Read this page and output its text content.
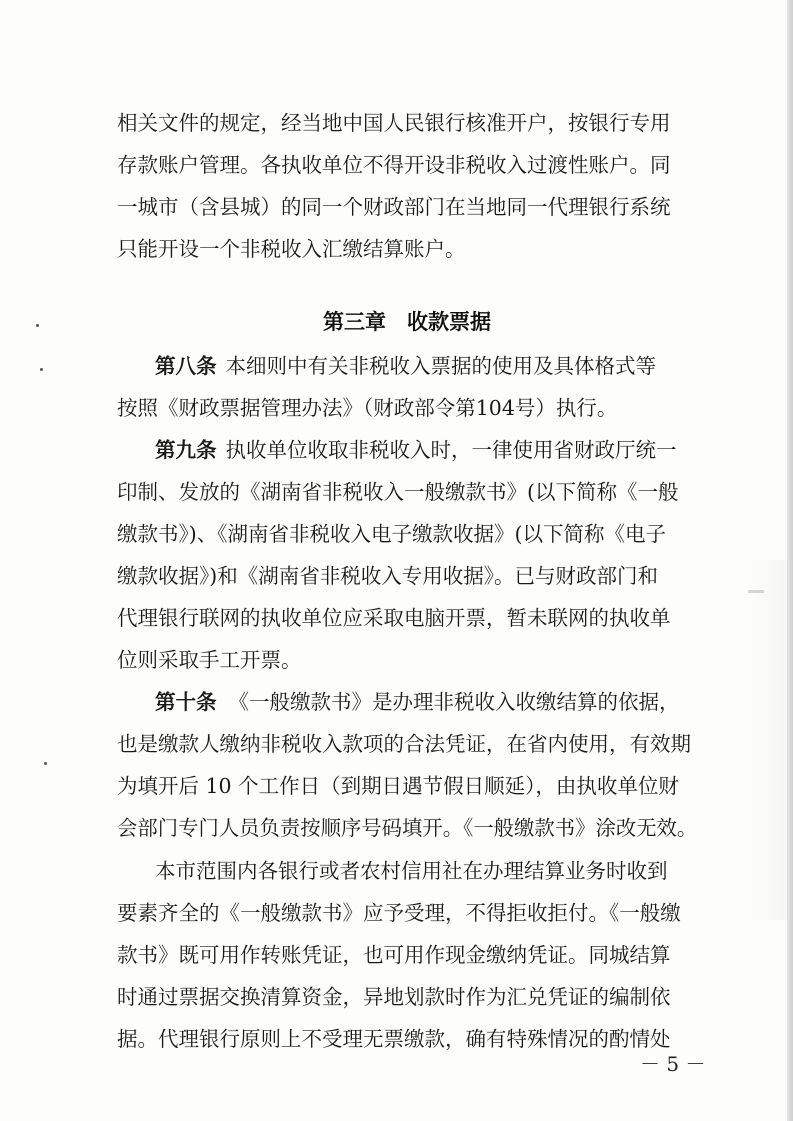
相关文件的规定，经当地中国人民银行核准开户，按银行专用
存款账户管理。各执收单位不得开设非税收入过渡性账户。同
一城市（含县城）的同一个财政部门在当地同一代理银行系统
只能开设一个非税收入汇缴结算账户。
第三章　收款票据
第八条 本细则中有关非税收入票据的使用及具体格式等
按照《财政票据管理办法》（财政部令第104号）执行。
第九条 执收单位收取非税收入时，一律使用省财政厅统一
印制、发放的《湖南省非税收入一般缴款书》(以下简称《一般
缴款书》)、《湖南省非税收入电子缴款收据》(以下简称《电子
缴款收据》)和《湖南省非税收入专用收据》。已与财政部门和
代理银行联网的执收单位应采取电脑开票，暂未联网的执收单
位则采取手工开票。
第十条 《一般缴款书》是办理非税收入收缴结算的依据，
也是缴款人缴纳非税收入款项的合法凭证，在省内使用，有效期
为填开后 10 个工作日（到期日遇节假日顺延），由执收单位财
会部门专门人员负责按顺序号码填开。《一般缴款书》涂改无效。
本市范围内各银行或者农村信用社在办理结算业务时收到
要素齐全的《一般缴款书》应予受理，不得拒收拒付。《一般缴
款书》既可用作转账凭证，也可用作现金缴纳凭证。同城结算
时通过票据交换清算资金，异地划款时作为汇兑凭证的编制依
据。代理银行原则上不受理无票缴款，确有特殊情况的酌情处
－ 5 －
